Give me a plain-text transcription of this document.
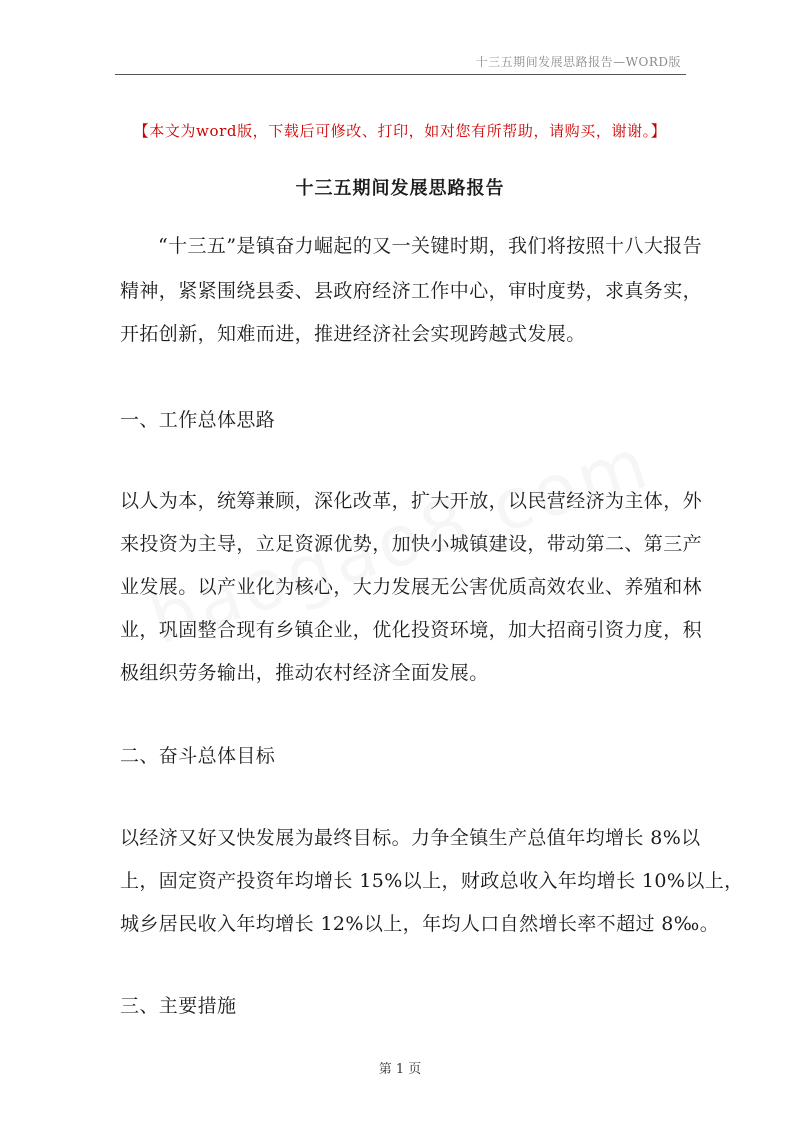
十三五期间发展思路报告—WORD版
【本文为word版，下载后可修改、打印，如对您有所帮助，请购买，谢谢。】
十三五期间发展思路报告
“十三五”是镇奋力崛起的又一关键时期，我们将按照十八大报告
精神，紧紧围绕县委、县政府经济工作中心，审时度势，求真务实，
开拓创新，知难而进，推进经济社会实现跨越式发展。
一、工作总体思路
以人为本，统筹兼顾，深化改革，扩大开放，以民营经济为主体，外
来投资为主导，立足资源优势，加快小城镇建设，带动第二、第三产
业发展。以产业化为核心，大力发展无公害优质高效农业、养殖和林
业，巩固整合现有乡镇企业，优化投资环境，加大招商引资力度，积
极组织劳务输出，推动农村经济全面发展。
二、奋斗总体目标
以经济又好又快发展为最终目标。力争全镇生产总值年均增长 8%以
上，固定资产投资年均增长 15%以上，财政总收入年均增长 10%以上，
城乡居民收入年均增长 12%以上，年均人口自然增长率不超过 8‰。
三、主要措施
第 1 页
